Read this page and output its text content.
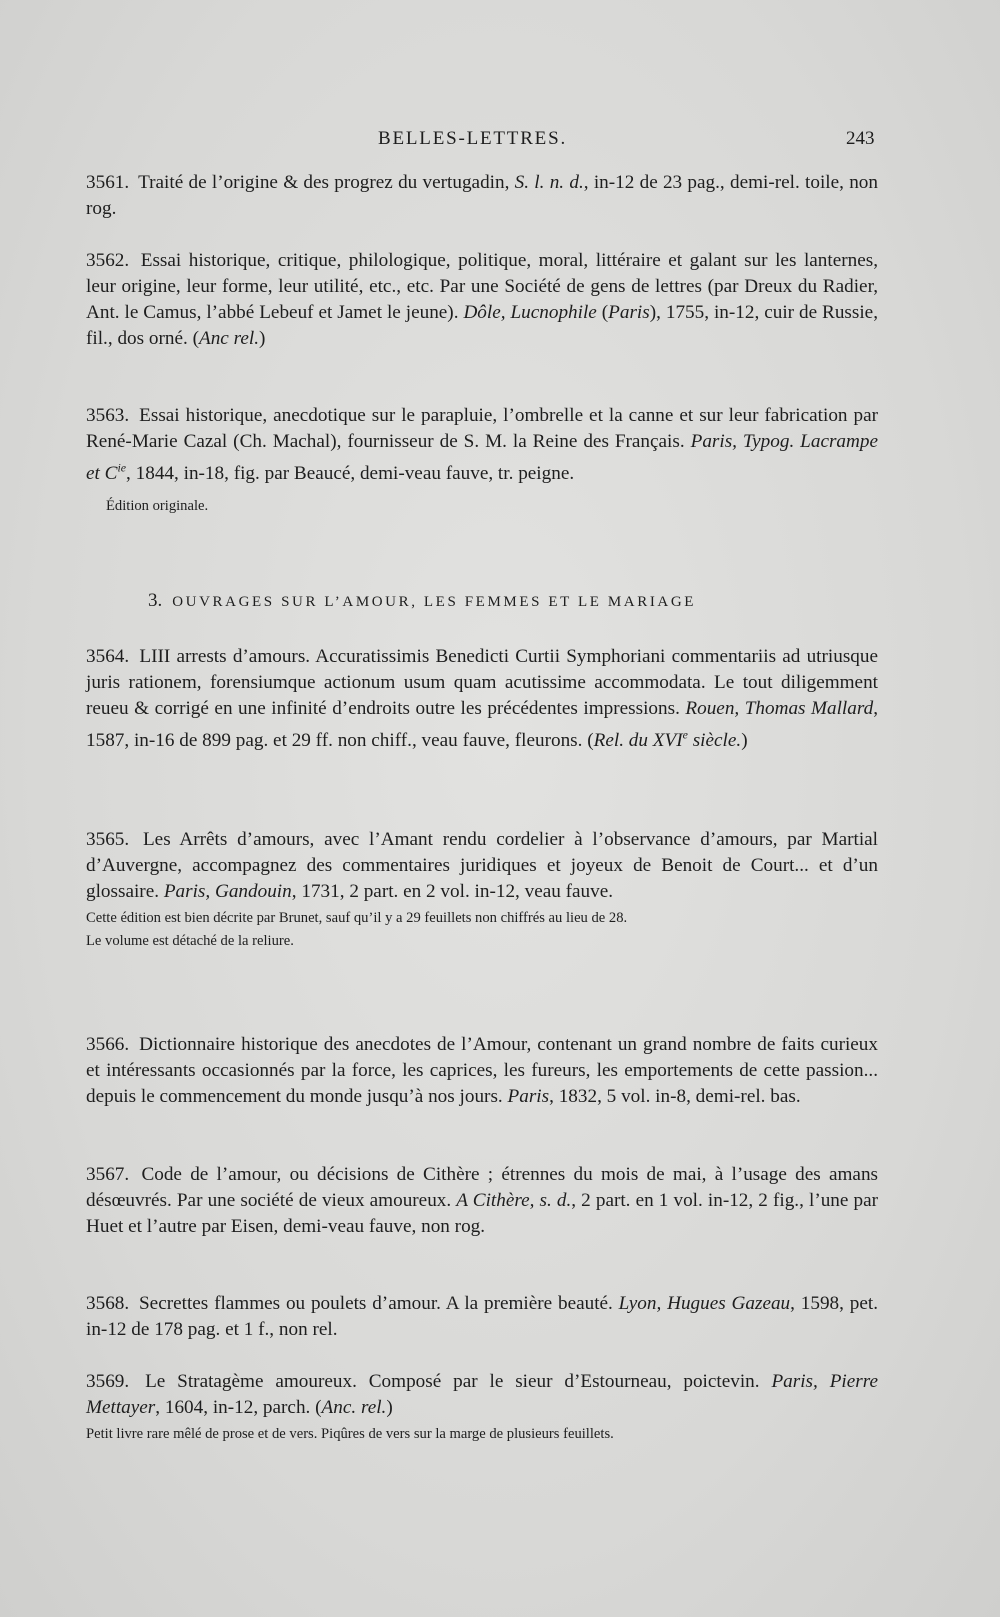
BELLES-LETTRES.	243
3561. Traité de l’origine & des progrez du vertugadin, S. l. n. d., in-12 de 23 pag., demi-rel. toile, non rog.
3562. Essai historique, critique, philologique, politique, moral, littéraire et galant sur les lanternes, leur origine, leur forme, leur utilité, etc., etc. Par une Société de gens de lettres (par Dreux du Radier, Ant. le Camus, l’abbé Lebeuf et Jamet le jeune). Dôle, Lucnophile (Paris), 1755, in-12, cuir de Russie, fil., dos orné. (Anc rel.)
3563. Essai historique, anecdotique sur le parapluie, l’ombrelle et la canne et sur leur fabrication par René-Marie Cazal (Ch. Machal), fournisseur de S. M. la Reine des Français. Paris, Typog. Lacrampe et $C^{ie}$, 1844, in-18, fig. par Beaucé, demi-veau fauve, tr. peigne.
Édition originale.
3. OUVRAGES SUR L’AMOUR, LES FEMMES ET LE MARIAGE
3564. LIII arrests d’amours. Accuratissimis Benedicti Curtii Symphoriani commentariis ad utriusque juris rationem, forensiumque actionum usum quam acutissime accommodata. Le tout diligemment reueu & corrigé en une infinité d’endroits outre les précédentes impressions. Rouen, Thomas Mallard, 1587, in-16 de 899 pag. et 29 ff. non chiff., veau fauve, fleurons. (Rel. du XVIe siècle.)
3565. Les Arrêts d’amours, avec l’Amant rendu cordelier à l’observance d’amours, par Martial d’Auvergne, accompagnez des commentaires juridiques et joyeux de Benoit de Court... et d’un glossaire. Paris, Gandouin, 1731, 2 part. en 2 vol. in-12, veau fauve.
Cette édition est bien décrite par Brunet, sauf qu’il y a 29 feuillets non chiffrés au lieu de 28.
Le volume est détaché de la reliure.
3566. Dictionnaire historique des anecdotes de l’Amour, contenant un grand nombre de faits curieux et intéressants occasionnés par la force, les caprices, les fureurs, les emportements de cette passion... depuis le commencement du monde jusqu’à nos jours. Paris, 1832, 5 vol. in-8, demi-rel. bas.
3567. Code de l’amour, ou décisions de Cithère ; étrennes du mois de mai, à l’usage des amans désœuvrés. Par une société de vieux amoureux. A Cithère, s. d., 2 part. en 1 vol. in-12, 2 fig., l’une par Huet et l’autre par Eisen, demi-veau fauve, non rog.
3568. Secrettes flammes ou poulets d’amour. A la première beauté. Lyon, Hugues Gazeau, 1598, pet. in-12 de 178 pag. et 1 f., non rel.
3569. Le Stratagème amoureux. Composé par le sieur d’Estourneau, poictevin. Paris, Pierre Mettayer, 1604, in-12, parch. (Anc. rel.)
Petit livre rare mêlé de prose et de vers. Piqûres de vers sur la marge de plusieurs feuillets.
